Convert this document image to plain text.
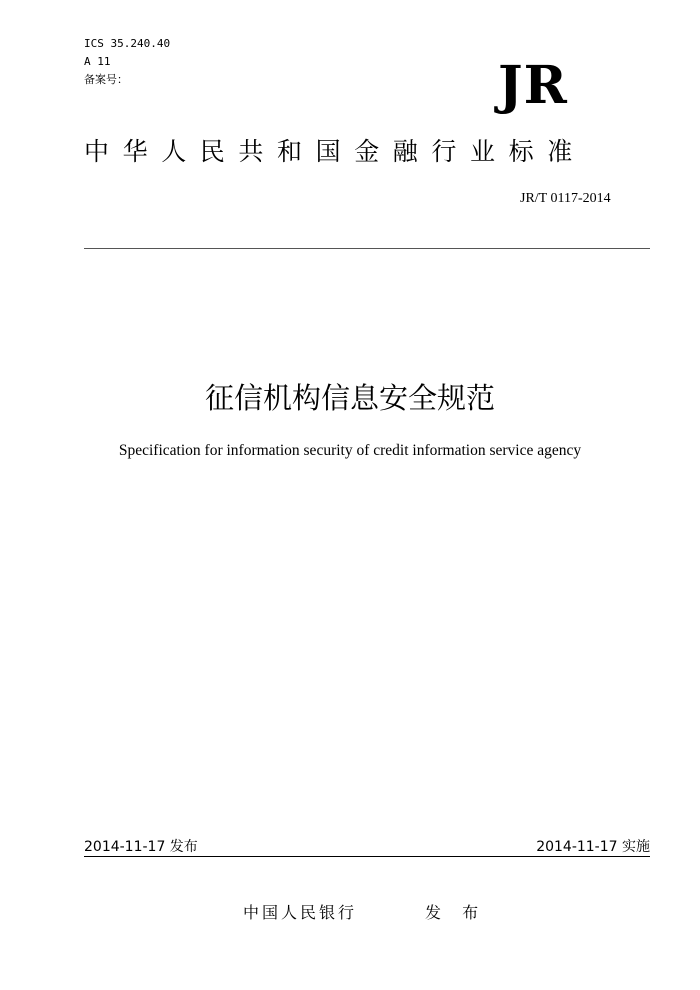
ICS 35.240.40
A 11
备案号：	JR
中华人民共和国金融行业标准
JR/T 0117-2014
征信机构信息安全规范
Specification for information security of credit information service agency
2014-11-17 发布	2014-11-17 实施
中国人民银行	发 布
